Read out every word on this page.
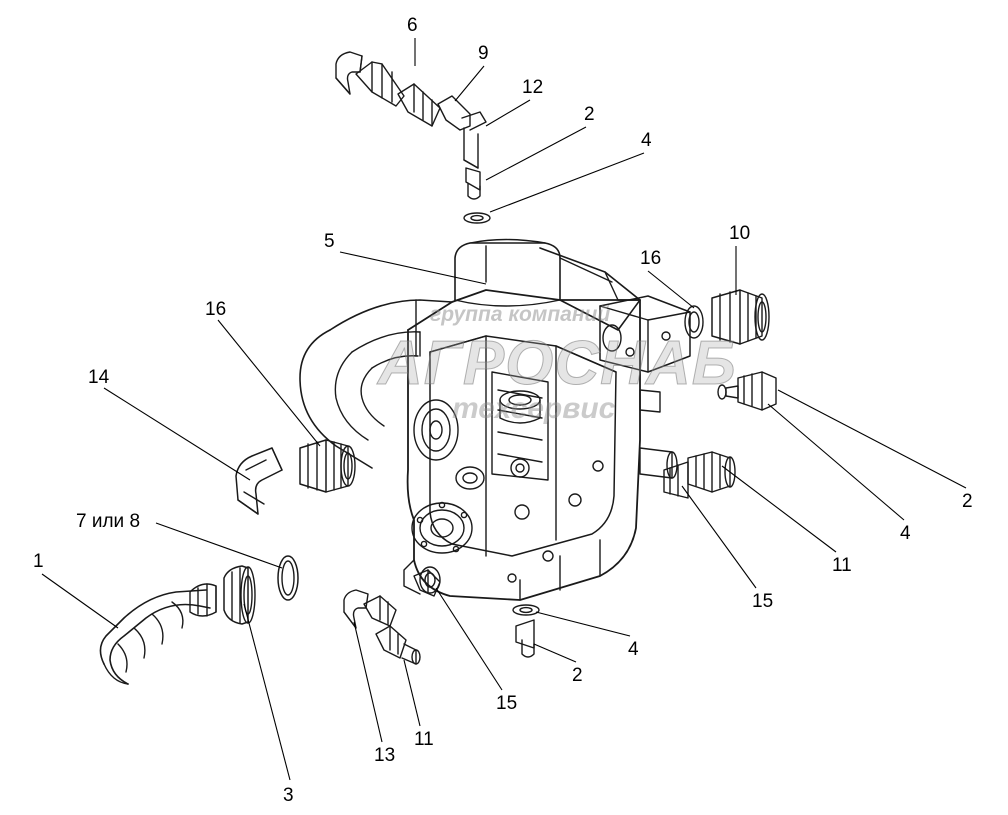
группа компаний
АГРОСНАБ
техсервис
6
9
12
2
4
10
16
5
16
14
7 или 8
1
3
13
11
15
2
4
15
11
4
2
